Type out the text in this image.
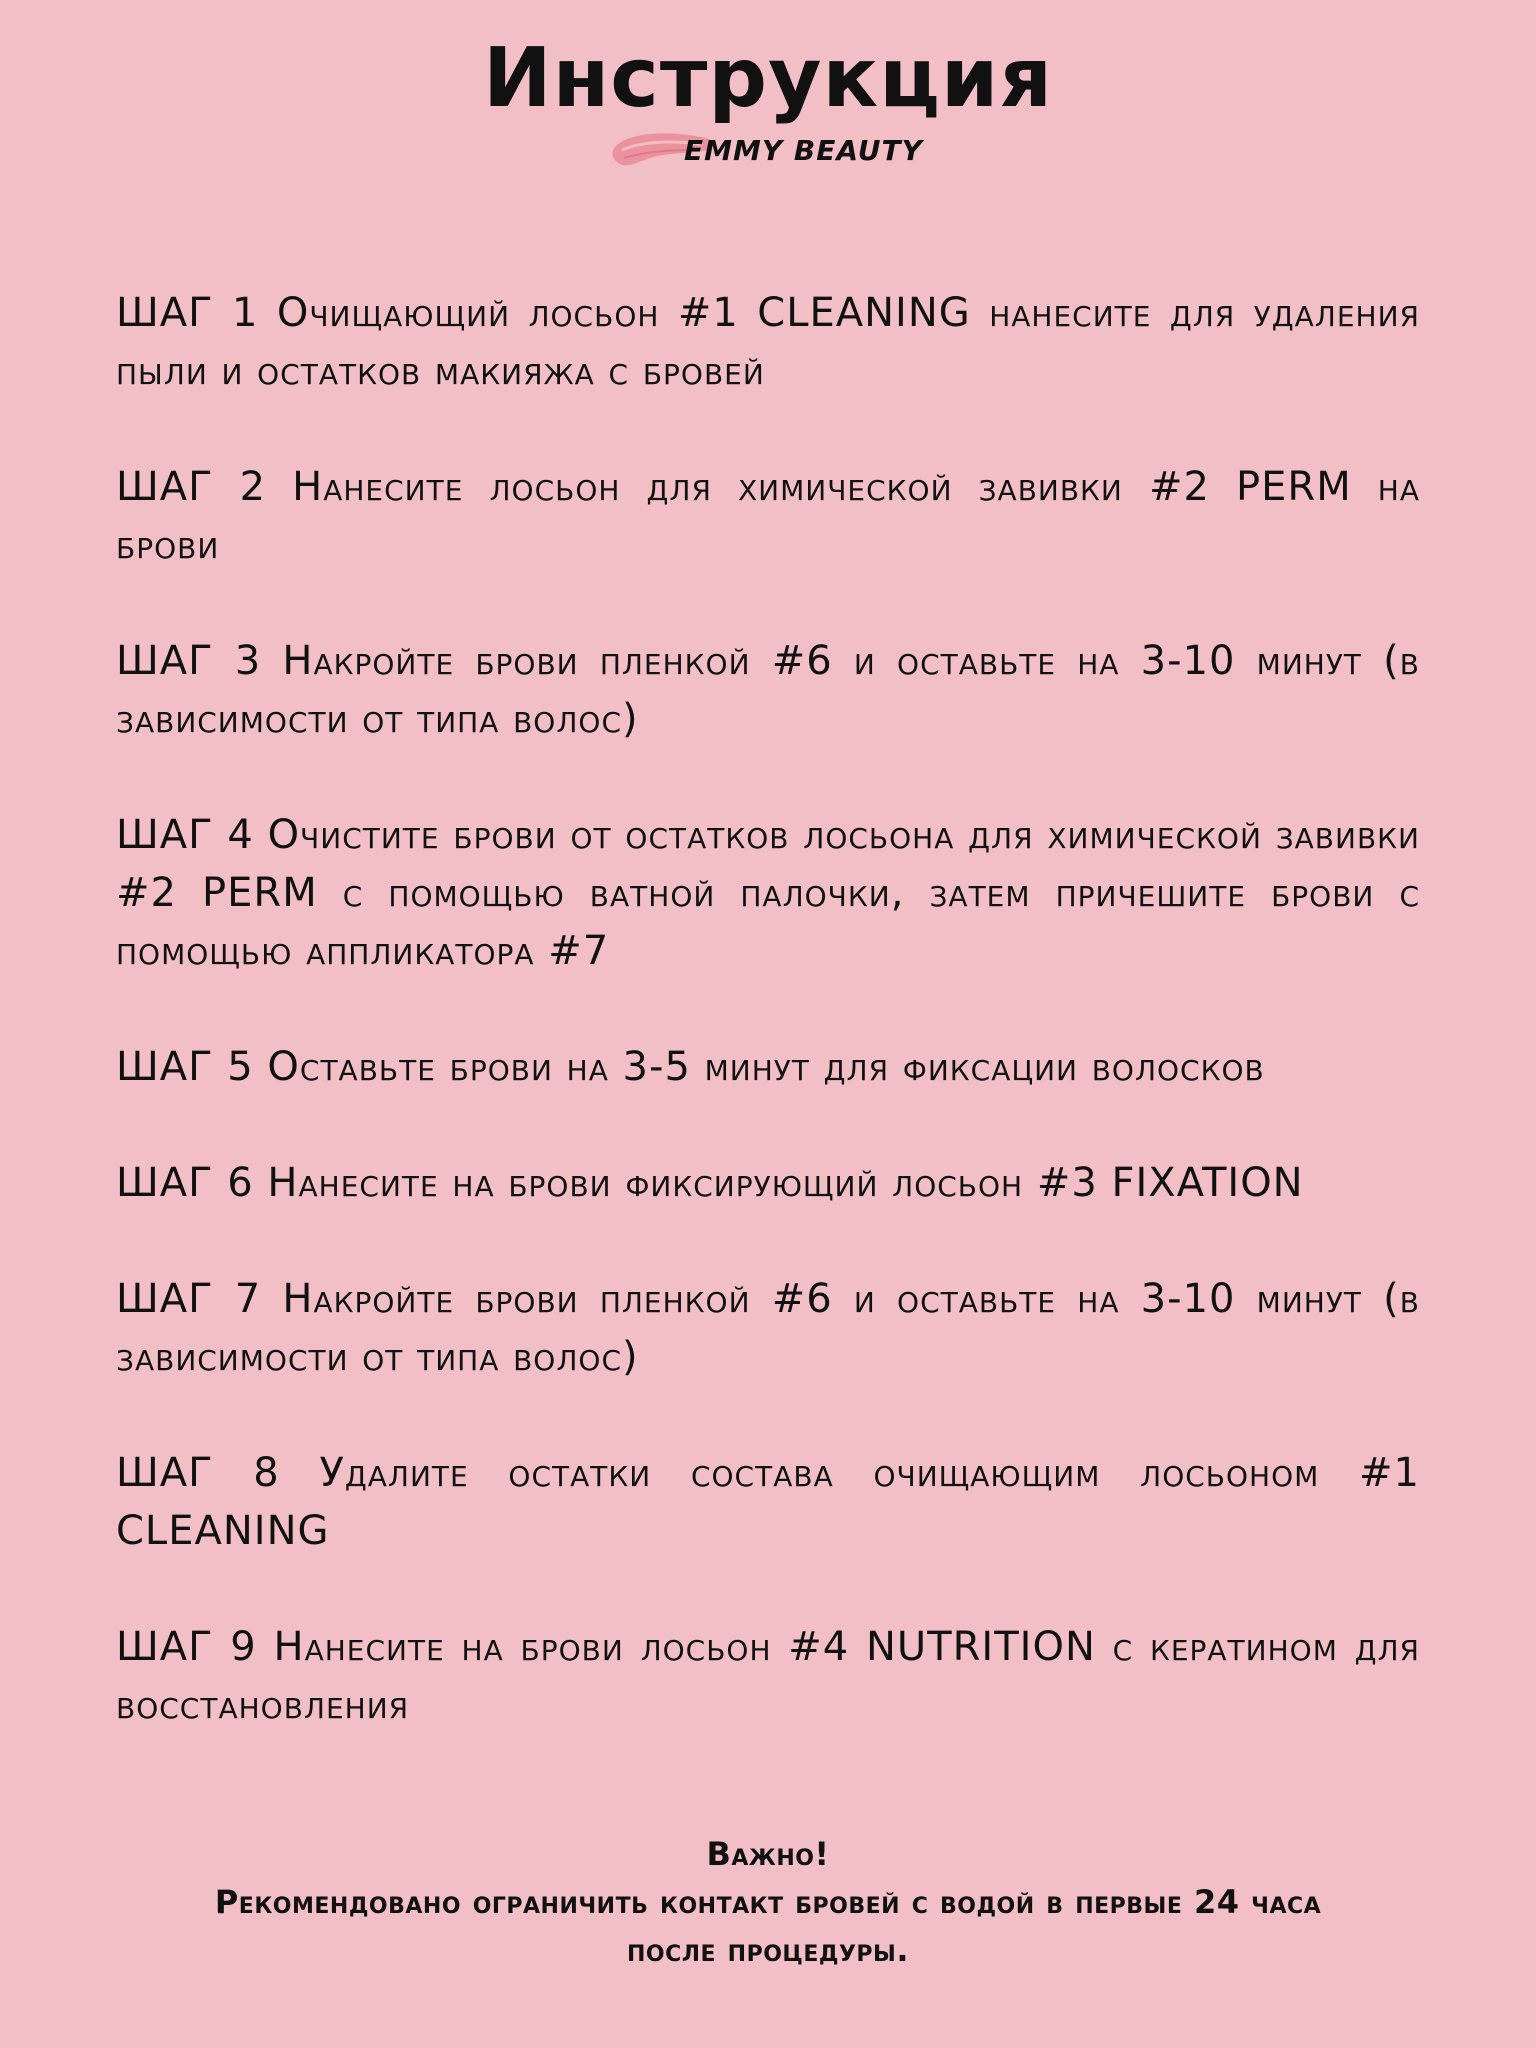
Инструкция
EMMY BEAUTY

ШАГ 1 Очищающий лосьон #1 CLEANING нанесите для удаления пыли и остатков макияжа с бровей

ШАГ 2 Нанесите лосьон для химической завивки #2 PERM на брови

ШАГ 3 Накройте брови пленкой #6 и оставьте на 3-10 минут (в зависимости от типа волос)

ШАГ 4 Очистите брови от остатков лосьона для химической завивки #2 PERM с помощью ватной палочки, затем причешите брови с помощью аппликатора #7

ШАГ 5 Оставьте брови на 3-5 минут для фиксации волосков

ШАГ 6 Нанесите на брови фиксирующий лосьон #3 FIXATION

ШАГ 7 Накройте брови пленкой #6 и оставьте на 3-10 минут (в зависимости от типа волос)

ШАГ 8 Удалите остатки состава очищающим лосьоном #1 CLEANING

ШАГ 9 Нанесите на брови лосьон #4 NUTRITION с кератином для восстановления

Важно!
Рекомендовано ограничить контакт бровей с водой в первые 24 часа
после процедуры.
